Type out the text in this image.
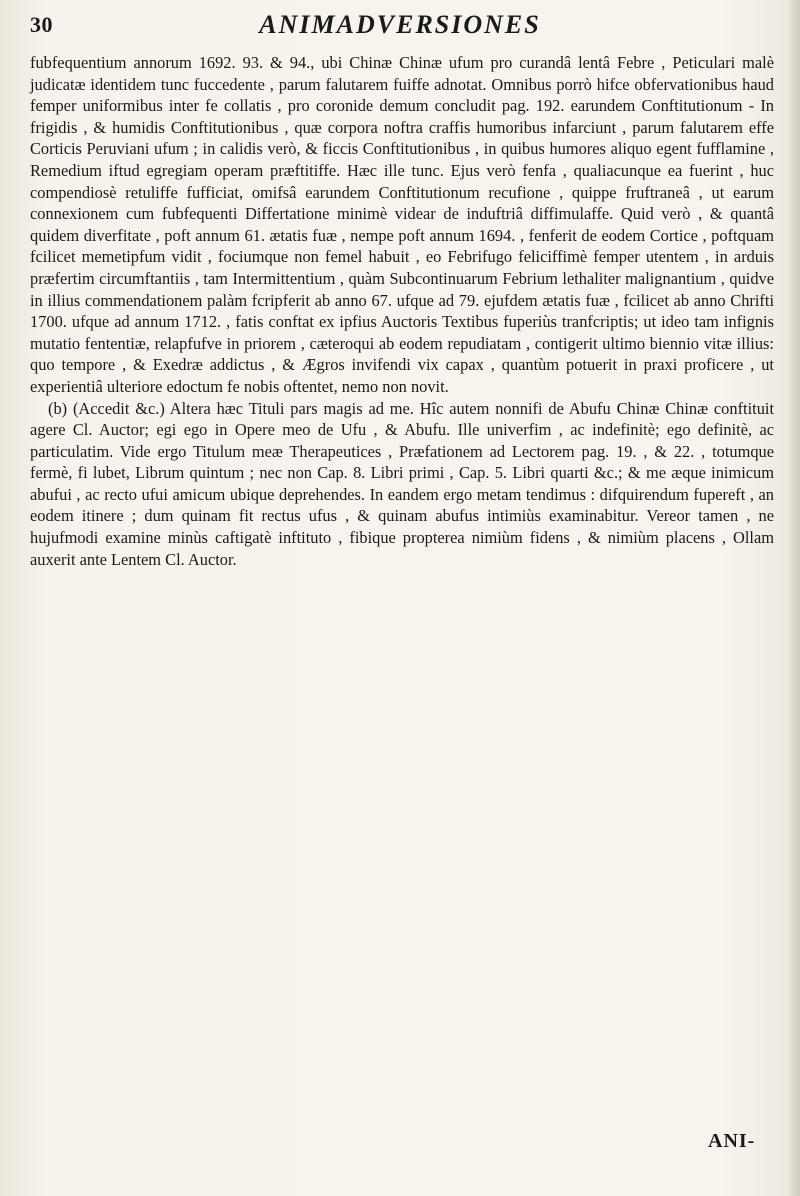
30	ANIMADVERSIONES

fubfequentium annorum 1692. 93. & 94., ubi Chinæ Chinæ ufum pro curandâ lentâ Febre , Peticulari malè judicatæ identidem tunc fuccedente , parum falutarem fuiffe adnotat. Omnibus porrò hifce obfervationibus haud femper uniformibus inter fe collatis , pro coronide demum concludit pag. 192. earundem Conftitutionum - In frigidis , & humidis Conftitutionibus , quæ corpora noftra craffis humoribus infarciunt , parum falutarem effe Corticis Peruviani ufum ; in calidis verò, & ficcis Conftitutionibus , in quibus humores aliquo egent fufflamine , Remedium iftud egregiam operam præftitiffe. Hæc ille tunc. Ejus verò fenfa , qualiacunque ea fuerint , huc compendiosè retuliffe fufficiat, omifsâ earundem Conftitutionum recufione , quippe fruftraneâ , ut earum connexionem cum fubfequenti Differtatione minimè videar de induftriâ diffimulaffe. Quid verò , & quantâ quidem diverfitate , poft annum 61. ætatis fuæ , nempe poft annum 1694. , fenferit de eodem Cortice , poftquam fcilicet memetipfum vidit , fociumque non femel habuit , eo Febrifugo feliciffimè femper utentem , in arduis præfertim circumftantiis , tam Intermittentium , quàm Subcontinuarum Febrium lethaliter malignantium , quidve in illius commendationem palàm fcripferit ab anno 67. ufque ad 79. ejufdem ætatis fuæ , fcilicet ab anno Chrifti 1700. ufque ad annum 1712. , fatis conftat ex ipfius Auctoris Textibus fuperiùs tranfcriptis; ut ideo tam infignis mutatio fententiæ, relapfufve in priorem , cæteroqui ab eodem repudiatam , contigerit ultimo biennio vitæ illius: quo tempore , & Exedræ addictus , & Ægros invifendi vix capax , quantùm potuerit in praxi proficere , ut experientiâ ulteriore edoctum fe nobis oftentet, nemo non novit.

(b) (Accedit &c.) Altera hæc Tituli pars magis ad me. Hîc autem nonnifi de Abufu Chinæ Chinæ conftituit agere Cl. Auctor; egi ego in Opere meo de Ufu , & Abufu. Ille univerfim , ac indefinitè; ego definitè, ac particulatim. Vide ergo Titulum meæ Therapeutices , Præfationem ad Lectorem pag. 19. , & 22. , totumque fermè, fi lubet, Librum quintum ; nec non Cap. 8. Libri primi , Cap. 5. Libri quarti &c.; & me æque inimicum abufui , ac recto ufui amicum ubique deprehendes. In eandem ergo metam tendimus : difquirendum fupereft , an eodem itinere ; dum quinam fit rectus ufus , & quinam abufus intimiùs examinabitur. Vereor tamen , ne hujufmodi examine minùs caftigatè inftituto , fibique propterea nimiùm fidens , & nimiùm placens , Ollam auxerit ante Lentem Cl. Auctor.

ANI-
